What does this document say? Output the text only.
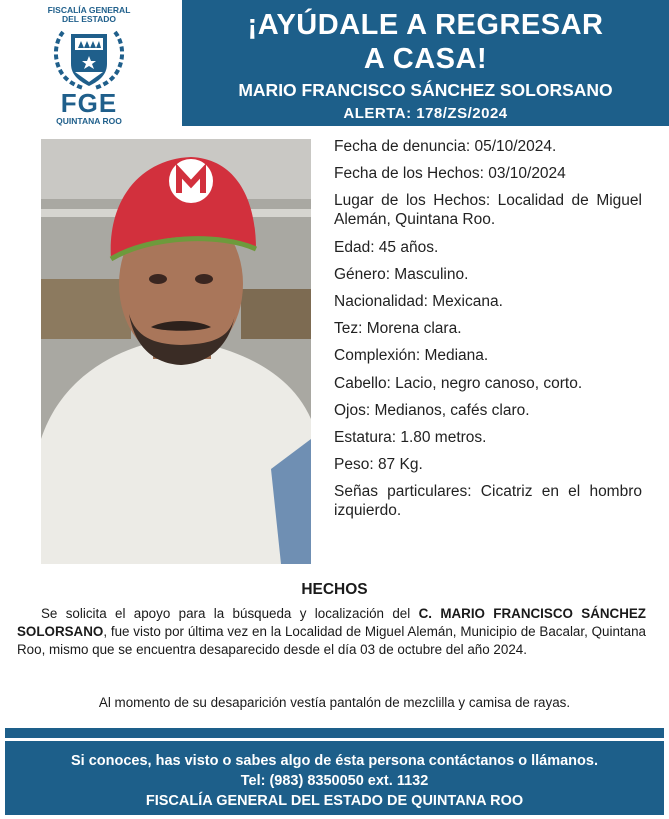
FISCALÍA GENERAL
DEL ESTADO
FGE
QUINTANA ROO
¡AYÚDALE A REGRESAR
A CASA!
MARIO FRANCISCO SÁNCHEZ SOLORSANO
ALERTA: 178/ZS/2024
Fecha de denuncia: 05/10/2024.
Fecha de los Hechos: 03/10/2024
Lugar de los Hechos: Localidad de Miguel Alemán, Quintana Roo.
Edad: 45 años.
Género: Masculino.
Nacionalidad: Mexicana.
Tez: Morena clara.
Complexión: Mediana.
Cabello: Lacio, negro canoso, corto.
Ojos: Medianos, cafés claro.
Estatura: 1.80 metros.
Peso: 87 Kg.
Señas particulares: Cicatriz en el hombro izquierdo.
HECHOS
Se solicita el apoyo para la búsqueda y localización del C. MARIO FRANCISCO SÁNCHEZ SOLORSANO, fue visto por última vez en la Localidad de Miguel Alemán, Municipio de Bacalar, Quintana Roo, mismo que se encuentra desaparecido desde el día 03 de octubre del año 2024.
Al momento de su desaparición vestía pantalón de mezclilla y camisa de rayas.
Si conoces, has visto o sabes algo de ésta persona contáctanos o llámanos.
Tel: (983) 8350050 ext. 1132
FISCALÍA GENERAL DEL ESTADO DE QUINTANA ROO
